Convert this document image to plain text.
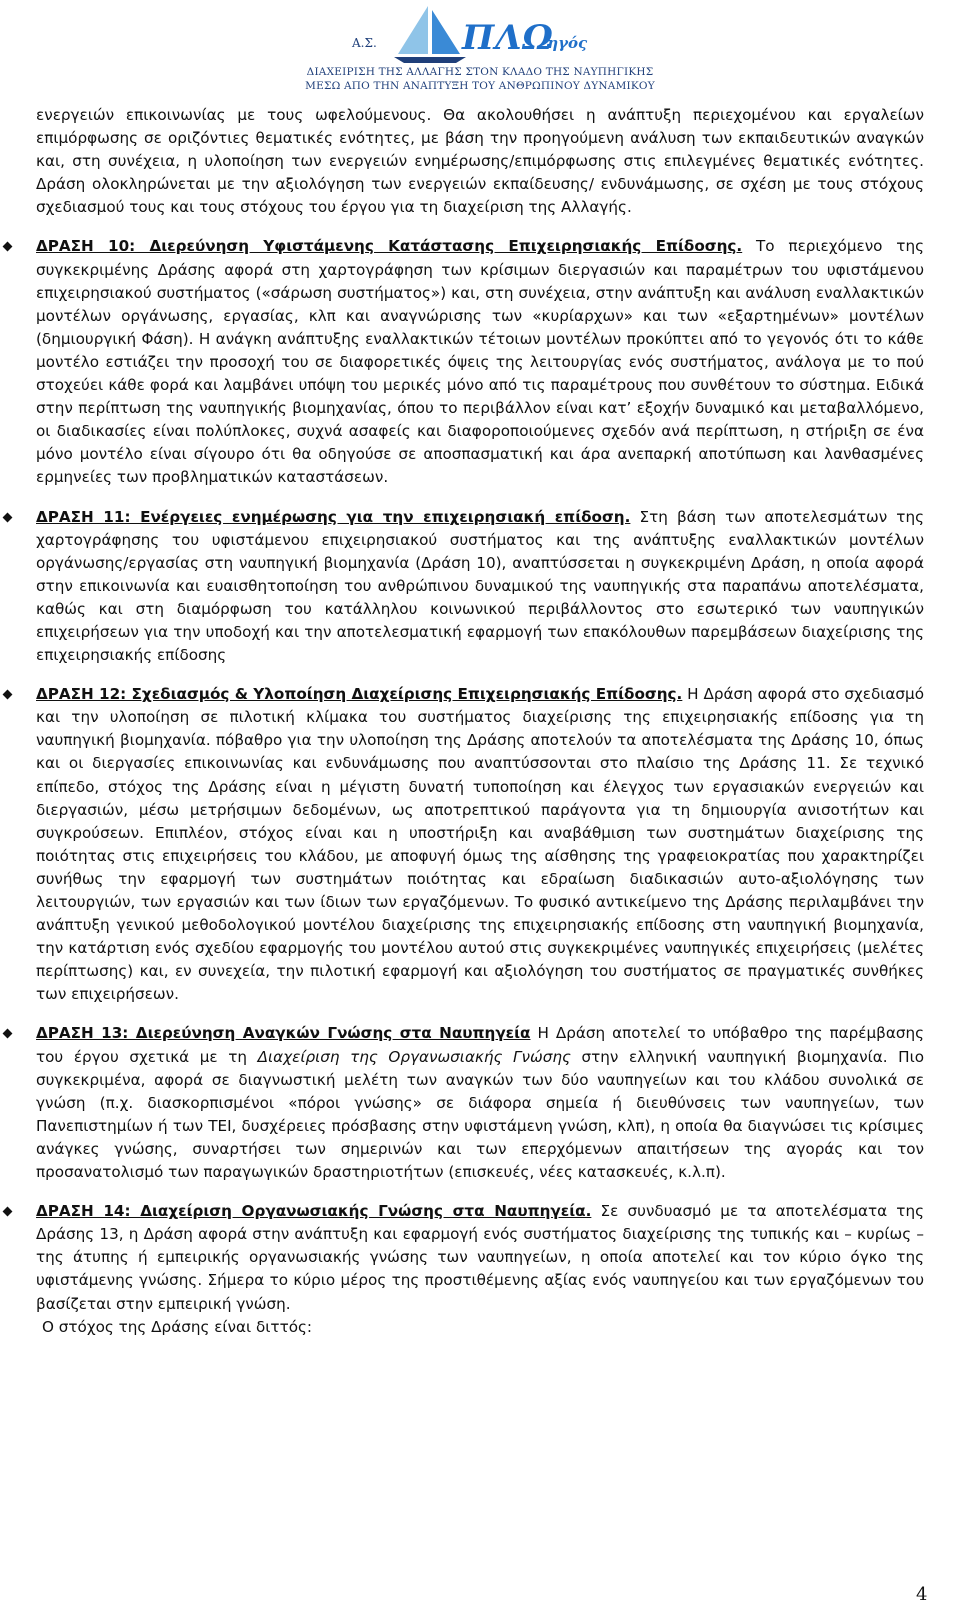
Α.Σ.	ΠΛΩ
·ηγός
ΔΙΑΧΕΙΡΙΣΗ ΤΗΣ ΑΛΛΑΓΗΣ ΣΤΟΝ ΚΛΑΔΟ ΤΗΣ ΝΑΥΠΗΓΙΚΗΣ
ΜΕΣΩ ΑΠΟ ΤΗΝ ΑΝΑΠΤΥΞΗ ΤΟΥ ΑΝΘΡΩΠΙΝΟΥ ΔΥΝΑΜΙΚΟΥ

ενεργειών επικοινωνίας με τους ωφελούμενους. Θα ακολουθήσει η ανάπτυξη περιεχομένου και εργαλείων επιμόρφωσης σε οριζόντιες θεματικές ενότητες, με βάση την προηγούμενη ανάλυση των εκπαιδευτικών αναγκών και, στη συνέχεια, η υλοποίηση των ενεργειών ενημέρωσης/επιμόρφωσης στις επιλεγμένες θεματικές ενότητες. Δράση ολοκληρώνεται με την αξιολόγηση των ενεργειών εκπαίδευσης/ ενδυνάμωσης, σε σχέση με τους στόχους σχεδιασμού τους και τους στόχους του έργου για τη διαχείριση της Αλλαγής.

ΔΡΑΣΗ 10: Διερεύνηση Υφιστάμενης Κατάστασης Επιχειρησιακής Επίδοσης. Το περιεχόμενο της συγκεκριμένης Δράσης αφορά στη χαρτογράφηση των κρίσιμων διεργασιών και παραμέτρων του υφιστάμενου επιχειρησιακού συστήματος («σάρωση συστήματος») και, στη συνέχεια, στην ανάπτυξη και ανάλυση εναλλακτικών μοντέλων οργάνωσης, εργασίας, κλπ και αναγνώρισης των «κυρίαρχων» και των «εξαρτημένων» μοντέλων (δημιουργική Φάση). Η ανάγκη ανάπτυξης εναλλακτικών τέτοιων μοντέλων προκύπτει από το γεγονός ότι το κάθε μοντέλο εστιάζει την προσοχή του σε διαφορετικές όψεις της λειτουργίας ενός συστήματος, ανάλογα με το πού στοχεύει κάθε φορά και λαμβάνει υπόψη του μερικές μόνο από τις παραμέτρους που συνθέτουν το σύστημα. Ειδικά στην περίπτωση της ναυπηγικής βιομηχανίας, όπου το περιβάλλον είναι κατ’ εξοχήν δυναμικό και μεταβαλλόμενο, οι διαδικασίες είναι πολύπλοκες, συχνά ασαφείς και διαφοροποιούμενες σχεδόν ανά περίπτωση, η στήριξη σε ένα μόνο μοντέλο είναι σίγουρο ότι θα οδηγούσε σε αποσπασματική και άρα ανεπαρκή αποτύπωση και λανθασμένες ερμηνείες των προβληματικών καταστάσεων.

ΔΡΑΣΗ 11: Ενέργειες ενημέρωσης για την επιχειρησιακή επίδοση. Στη βάση των αποτελεσμάτων της χαρτογράφησης του υφιστάμενου επιχειρησιακού συστήματος και της ανάπτυξης εναλλακτικών μοντέλων οργάνωσης/εργασίας στη ναυπηγική βιομηχανία (Δράση 10), αναπτύσσεται η συγκεκριμένη Δράση, η οποία αφορά στην επικοινωνία και ευαισθητοποίηση του ανθρώπινου δυναμικού της ναυπηγικής στα παραπάνω αποτελέσματα, καθώς και στη διαμόρφωση του κατάλληλου κοινωνικού περιβάλλοντος στο εσωτερικό των ναυπηγικών επιχειρήσεων για την υποδοχή και την αποτελεσματική εφαρμογή των επακόλουθων παρεμβάσεων διαχείρισης της επιχειρησιακής επίδοσης

ΔΡΑΣΗ 12: Σχεδιασμός & Υλοποίηση Διαχείρισης Επιχειρησιακής Επίδοσης. Η Δράση αφορά στο σχεδιασμό και την υλοποίηση σε πιλοτική κλίμακα του συστήματος διαχείρισης της επιχειρησιακής επίδοσης για τη ναυπηγική βιομηχανία. πόβαθρο για την υλοποίηση της Δράσης αποτελούν τα αποτελέσματα της Δράσης 10, όπως και οι διεργασίες επικοινωνίας και ενδυνάμωσης που αναπτύσσονται στο πλαίσιο της Δράσης 11. Σε τεχνικό επίπεδο, στόχος της Δράσης είναι η μέγιστη δυνατή τυποποίηση και έλεγχος των εργασιακών ενεργειών και διεργασιών, μέσω μετρήσιμων δεδομένων, ως αποτρεπτικού παράγοντα για τη δημιουργία ανισοτήτων και συγκρούσεων. Επιπλέον, στόχος είναι και η υποστήριξη και αναβάθμιση των συστημάτων διαχείρισης της ποιότητας στις επιχειρήσεις του κλάδου, με αποφυγή όμως της αίσθησης της γραφειοκρατίας που χαρακτηρίζει συνήθως την εφαρμογή των συστημάτων ποιότητας και εδραίωση διαδικασιών αυτο-αξιολόγησης των λειτουργιών, των εργασιών και των ίδιων των εργαζόμενων. Το φυσικό αντικείμενο της Δράσης περιλαμβάνει την ανάπτυξη γενικού μεθοδολογικού μοντέλου διαχείρισης της επιχειρησιακής επίδοσης στη ναυπηγική βιομηχανία, την κατάρτιση ενός σχεδίου εφαρμογής του μοντέλου αυτού στις συγκεκριμένες ναυπηγικές επιχειρήσεις (μελέτες περίπτωσης) και, εν συνεχεία, την πιλοτική εφαρμογή και αξιολόγηση του συστήματος σε πραγματικές συνθήκες των επιχειρήσεων.

ΔΡΑΣΗ 13: Διερεύνηση Αναγκών Γνώσης στα Ναυπηγεία Η Δράση αποτελεί το υπόβαθρο της παρέμβασης του έργου σχετικά με τη Διαχείριση της Οργανωσιακής Γνώσης στην ελληνική ναυπηγική βιομηχανία. Πιο συγκεκριμένα, αφορά σε διαγνωστική μελέτη των αναγκών των δύο ναυπηγείων και του κλάδου συνολικά σε γνώση (π.χ. διασκορπισμένοι «πόροι γνώσης» σε διάφορα σημεία ή διευθύνσεις των ναυπηγείων, των Πανεπιστημίων ή των ΤΕΙ, δυσχέρειες πρόσβασης στην υφιστάμενη γνώση, κλπ), η οποία θα διαγνώσει τις κρίσιμες ανάγκες γνώσης, συναρτήσει των σημερινών και των επερχόμενων απαιτήσεων της αγοράς και τον προσανατολισμό των παραγωγικών δραστηριοτήτων (επισκευές, νέες κατασκευές, κ.λ.π).

ΔΡΑΣΗ 14: Διαχείριση Οργανωσιακής Γνώσης στα Ναυπηγεία. Σε συνδυασμό με τα αποτελέσματα της Δράσης 13, η Δράση αφορά στην ανάπτυξη και εφαρμογή ενός συστήματος διαχείρισης της τυπικής και – κυρίως – της άτυπης ή εμπειρικής οργανωσιακής γνώσης των ναυπηγείων, η οποία αποτελεί και τον κύριο όγκο της υφιστάμενης γνώσης. Σήμερα το κύριο μέρος της προστιθέμενης αξίας ενός ναυπηγείου και των εργαζόμενων του βασίζεται στην εμπειρική γνώση.

Ο στόχος της Δράσης είναι διττός:

4
